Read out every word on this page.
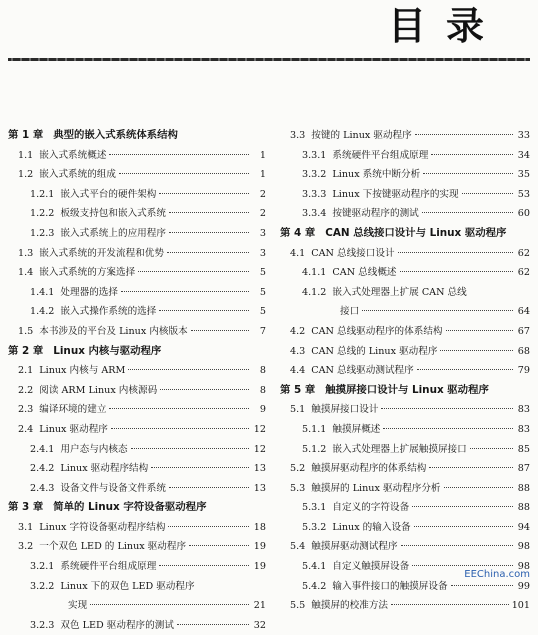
目 录
第 1 章 典型的嵌入式系统体系结构
1.1 嵌入式系统概述	1
1.2 嵌入式系统的组成	1
1.2.1 嵌入式平台的硬件架构	2
1.2.2 板级支持包和嵌入式系统	2
1.2.3 嵌入式系统上的应用程序	3
1.3 嵌入式系统的开发流程和优势	3
1.4 嵌入式系统的方案选择	5
1.4.1 处理器的选择	5
1.4.2 嵌入式操作系统的选择	5
1.5 本书涉及的平台及 Linux 内核版本	7
第 2 章 Linux 内核与驱动程序
2.1 Linux 内核与 ARM	8
2.2 阅读 ARM Linux 内核源码	8
2.3 编译环境的建立	9
2.4 Linux 驱动程序	12
2.4.1 用户态与内核态	12
2.4.2 Linux 驱动程序结构	13
2.4.3 设备文件与设备文件系统	13
第 3 章 简单的 Linux 字符设备驱动程序
3.1 Linux 字符设备驱动程序结构	18
3.2 一个双色 LED 的 Linux 驱动程序	19
3.2.1 系统硬件平台组成原理	19
3.2.2 Linux 下的双色 LED 驱动程序
实现	21
3.2.3 双色 LED 驱动程序的测试	32
3.3 按键的 Linux 驱动程序	33
3.3.1 系统硬件平台组成原理	34
3.3.2 Linux 系统中断分析	35
3.3.3 Linux 下按键驱动程序的实现	53
3.3.4 按键驱动程序的测试	60
第 4 章 CAN 总线接口设计与 Linux 驱动程序
4.1 CAN 总线接口设计	62
4.1.1 CAN 总线概述	62
4.1.2 嵌入式处理器上扩展 CAN 总线
接口	64
4.2 CAN 总线驱动程序的体系结构	67
4.3 CAN 总线的 Linux 驱动程序	68
4.4 CAN 总线驱动测试程序	79
第 5 章 触摸屏接口设计与 Linux 驱动程序
5.1 触摸屏接口设计	83
5.1.1 触摸屏概述	83
5.1.2 嵌入式处理器上扩展触摸屏接口	85
5.2 触摸屏驱动程序的体系结构	87
5.3 触摸屏的 Linux 驱动程序分析	88
5.3.1 自定义的字符设备	88
5.3.2 Linux 的输入设备	94
5.4 触摸屏驱动测试程序	98
5.4.1 自定义触摸屏设备	98
5.4.2 输入事件接口的触摸屏设备	99
5.5 触摸屏的校准方法	101
EEChina.com
